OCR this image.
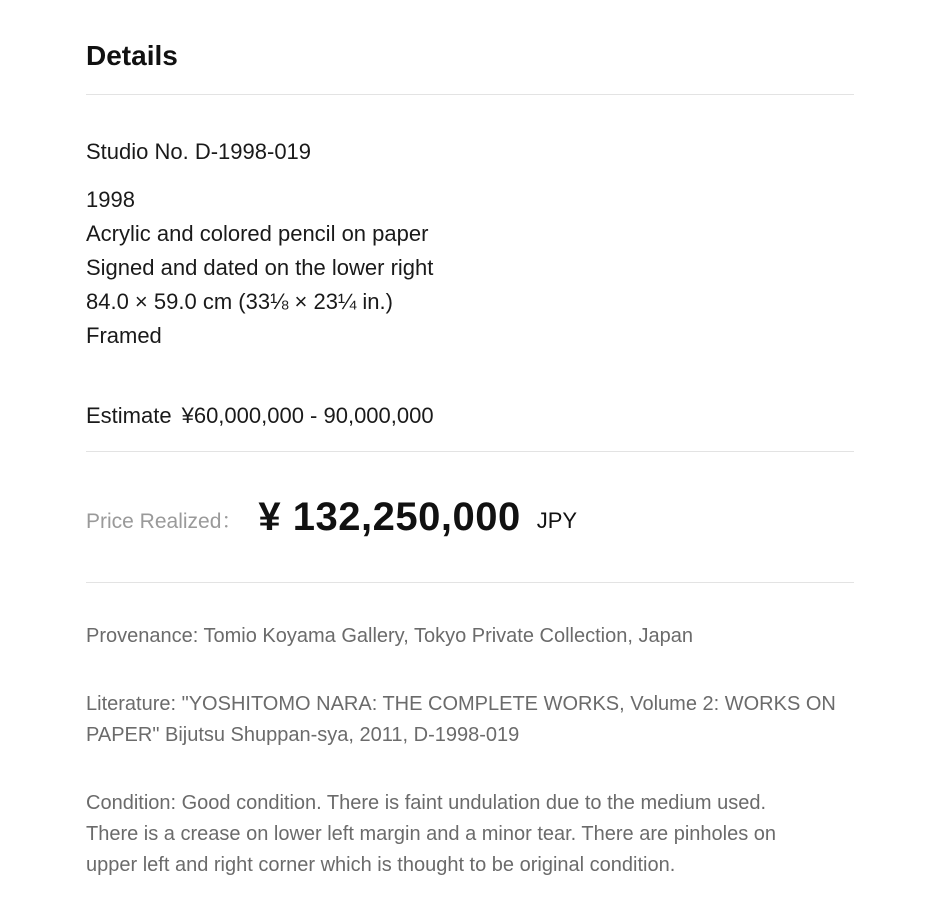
Details
Studio No. D-1998-019
1998
Acrylic and colored pencil on paper
Signed and dated on the lower right
84.0 × 59.0 cm (33⅛ × 23¼ in.)
Framed
Estimate ¥60,000,000 - 90,000,000
Price Realized： ¥ 132,250,000 JPY
Provenance: Tomio Koyama Gallery, Tokyo Private Collection, Japan
Literature: "YOSHITOMO NARA: THE COMPLETE WORKS, Volume 2: WORKS ON
PAPER" Bijutsu Shuppan-sya, 2011, D-1998-019
Condition: Good condition. There is faint undulation due to the medium used.
There is a crease on lower left margin and a minor tear. There are pinholes on
upper left and right corner which is thought to be original condition.
